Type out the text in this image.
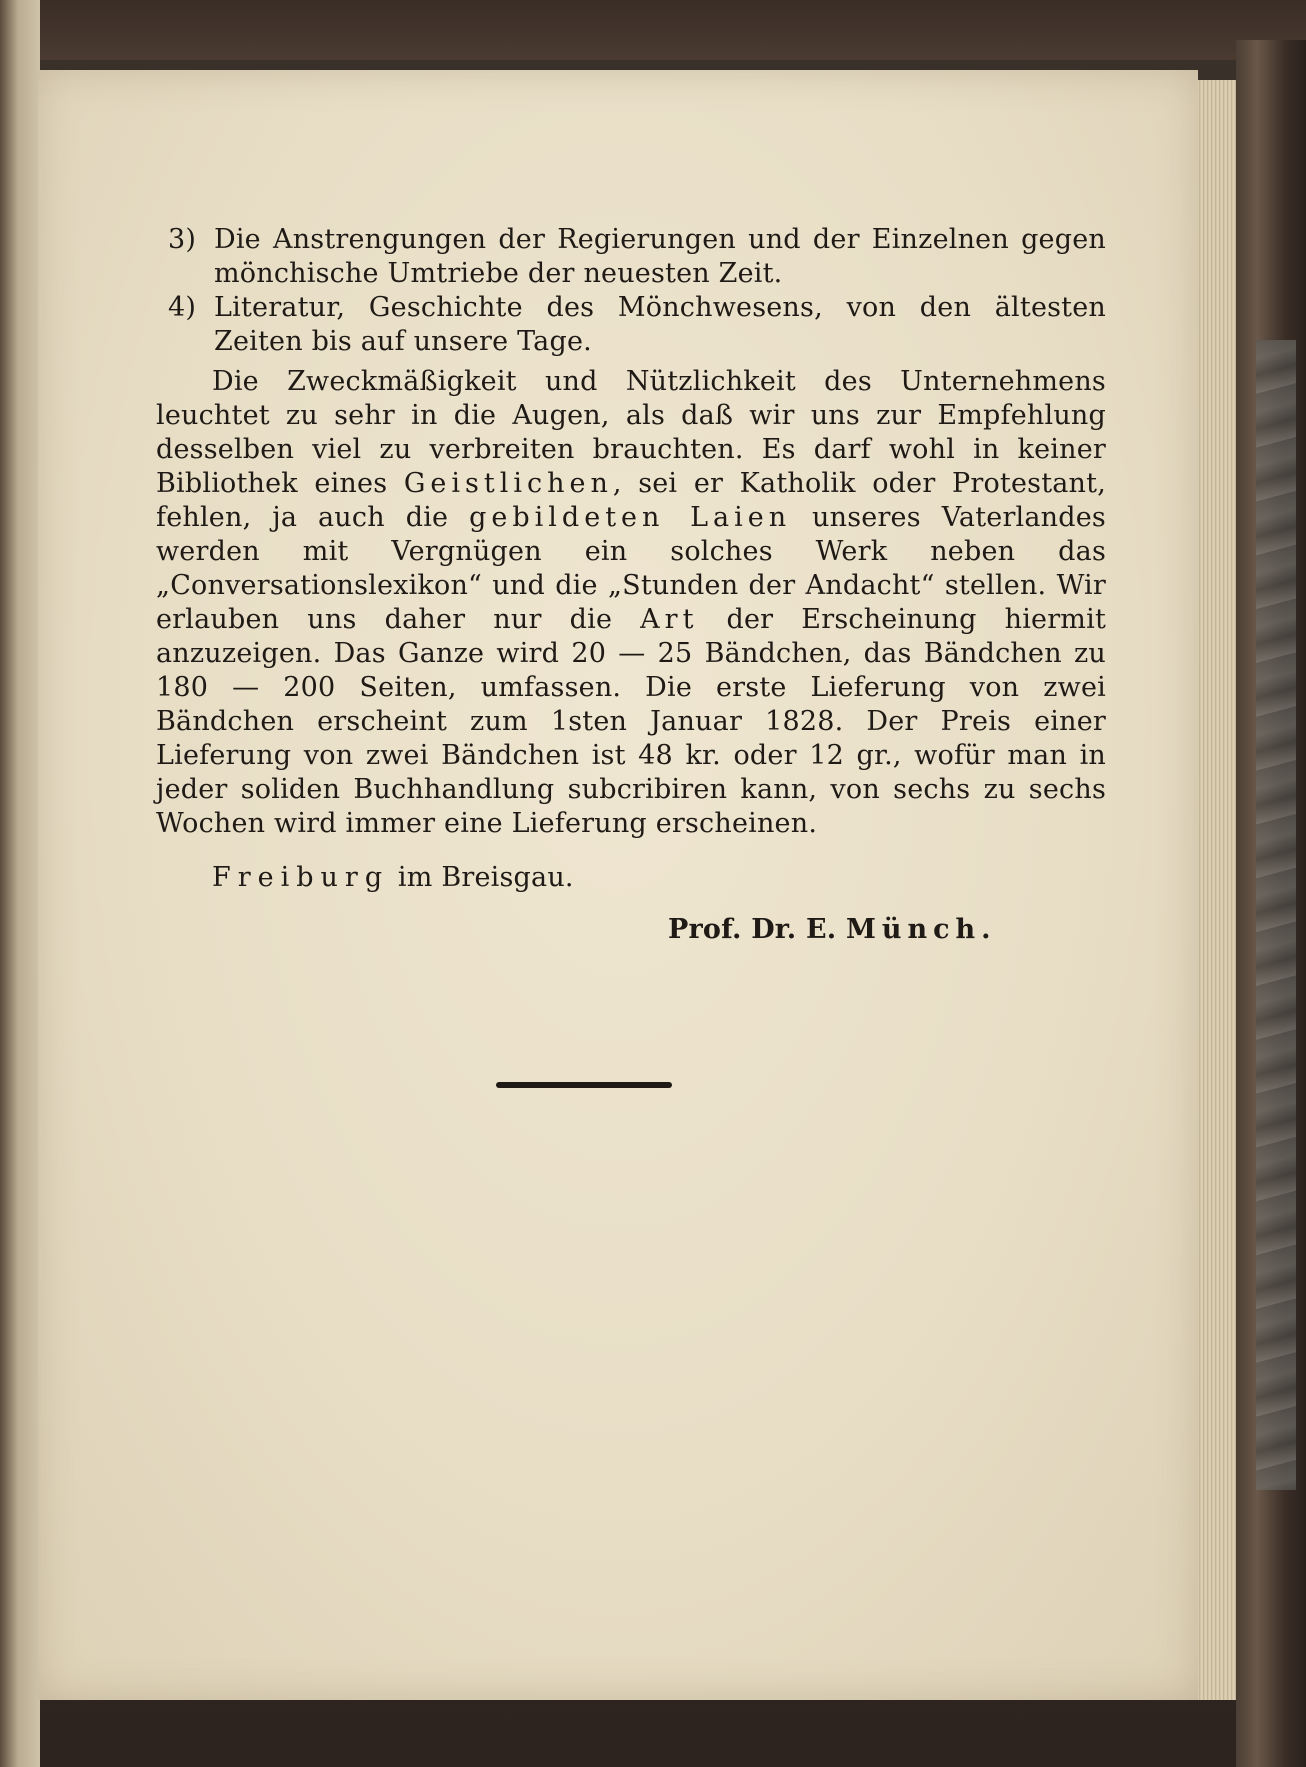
3) Die Anstrengungen der Regierungen und der Einzelnen gegen mönchische Umtriebe der neuesten Zeit.
4) Literatur, Geschichte des Mönchwesens, von den ältesten Zeiten bis auf unsere Tage.
Die Zweckmäßigkeit und Nützlichkeit des Unternehmens leuchtet zu sehr in die Augen, als daß wir uns zur Empfehlung desselben viel zu verbreiten brauchten. Es darf wohl in keiner Bibliothek eines Geistlichen, sei er Katholik oder Protestant, fehlen, ja auch die gebildeten Laien unseres Vaterlandes werden mit Vergnügen ein solches Werk neben das „Conversationslexikon“ und die „Stunden der Andacht“ stellen. Wir erlauben uns daher nur die Art der Erscheinung hiermit anzuzeigen. Das Ganze wird 20 — 25 Bändchen, das Bändchen zu 180 — 200 Seiten, umfassen. Die erste Lieferung von zwei Bändchen erscheint zum 1sten Januar 1828. Der Preis einer Lieferung von zwei Bändchen ist 48 kr. oder 12 gr., wofür man in jeder soliden Buchhandlung subcribiren kann, von sechs zu sechs Wochen wird immer eine Lieferung erscheinen.
Freiburg im Breisgau.
Prof. Dr. E. Münch.
